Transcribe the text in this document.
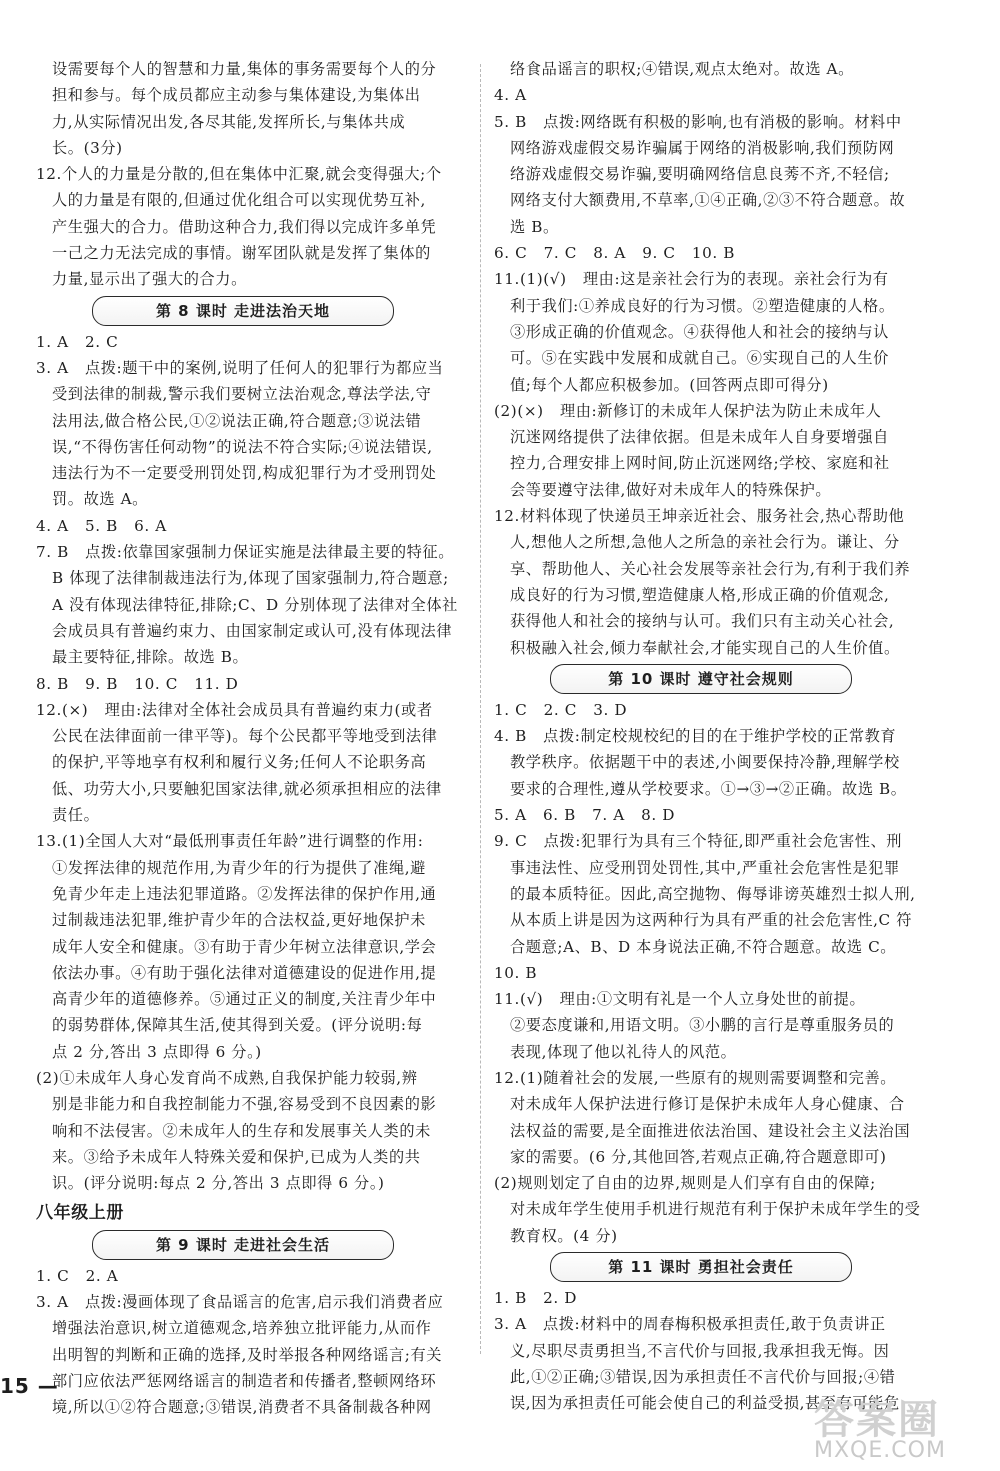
设需要每个人的智慧和力量,集体的事务需要每个人的分
担和参与。每个成员都应主动参与集体建设,为集体出
力,从实际情况出发,各尽其能,发挥所长,与集体共成
长。(3分)
12.个人的力量是分散的,但在集体中汇聚,就会变得强大;个
人的力量是有限的,但通过优化组合可以实现优势互补,
产生强大的合力。借助这种合力,我们得以完成许多单凭
一己之力无法完成的事情。谢军团队就是发挥了集体的
力量,显示出了强大的合力。
第 8 课时 走进法治天地
1. A   2. C
3. A   点拨:题干中的案例,说明了任何人的犯罪行为都应当
受到法律的制裁,警示我们要树立法治观念,尊法学法,守
法用法,做合格公民,①②说法正确,符合题意;③说法错
误,“不得伤害任何动物”的说法不符合实际;④说法错误,
违法行为不一定要受刑罚处罚,构成犯罪行为才受刑罚处
罚。故选 A。
4. A   5. B   6. A
7. B   点拨:依靠国家强制力保证实施是法律最主要的特征。
B 体现了法律制裁违法行为,体现了国家强制力,符合题意;
A 没有体现法律特征,排除;C、D 分别体现了法律对全体社
会成员具有普遍约束力、由国家制定或认可,没有体现法律
最主要特征,排除。故选 B。
8. B   9. B   10. C   11. D
12.(×)   理由:法律对全体社会成员具有普遍约束力(或者
公民在法律面前一律平等)。每个公民都平等地受到法律
的保护,平等地享有权利和履行义务;任何人不论职务高
低、功劳大小,只要触犯国家法律,就必须承担相应的法律
责任。
13.(1)全国人大对“最低刑事责任年龄”进行调整的作用:
①发挥法律的规范作用,为青少年的行为提供了准绳,避
免青少年走上违法犯罪道路。②发挥法律的保护作用,通
过制裁违法犯罪,维护青少年的合法权益,更好地保护未
成年人安全和健康。③有助于青少年树立法律意识,学会
依法办事。④有助于强化法律对道德建设的促进作用,提
高青少年的道德修养。⑤通过正义的制度,关注青少年中
的弱势群体,保障其生活,使其得到关爱。(评分说明:每
点 2 分,答出 3 点即得 6 分。)
(2)①未成年人身心发育尚不成熟,自我保护能力较弱,辨
别是非能力和自我控制能力不强,容易受到不良因素的影
响和不法侵害。②未成年人的生存和发展事关人类的未
来。③给予未成年人特殊关爱和保护,已成为人类的共
识。(评分说明:每点 2 分,答出 3 点即得 6 分。)
八年级上册
第 9 课时 走进社会生活
1. C   2. A
3. A   点拨:漫画体现了食品谣言的危害,启示我们消费者应
增强法治意识,树立道德观念,培养独立批评能力,从而作
出明智的判断和正确的选择,及时举报各种网络谣言;有关
部门应依法严惩网络谣言的制造者和传播者,整顿网络环
境,所以①②符合题意;③错误,消费者不具备制裁各种网
络食品谣言的职权;④错误,观点太绝对。故选 A。
4. A
5. B   点拨:网络既有积极的影响,也有消极的影响。材料中
网络游戏虚假交易诈骗属于网络的消极影响,我们预防网
络游戏虚假交易诈骗,要明确网络信息良莠不齐,不轻信;
网络支付大额费用,不草率,①④正确,②③不符合题意。故
选 B。
6. C   7. C   8. A   9. C   10. B
11.(1)(√)   理由:这是亲社会行为的表现。亲社会行为有
利于我们:①养成良好的行为习惯。②塑造健康的人格。
③形成正确的价值观念。④获得他人和社会的接纳与认
可。⑤在实践中发展和成就自己。⑥实现自己的人生价
值;每个人都应积极参加。(回答两点即可得分)
(2)(×)   理由:新修订的未成年人保护法为防止未成年人
沉迷网络提供了法律依据。但是未成年人自身要增强自
控力,合理安排上网时间,防止沉迷网络;学校、家庭和社
会等要遵守法律,做好对未成年人的特殊保护。
12.材料体现了快递员王坤亲近社会、服务社会,热心帮助他
人,想他人之所想,急他人之所急的亲社会行为。谦让、分
享、帮助他人、关心社会发展等亲社会行为,有利于我们养
成良好的行为习惯,塑造健康人格,形成正确的价值观念,
获得他人和社会的接纳与认可。我们只有主动关心社会,
积极融入社会,倾力奉献社会,才能实现自己的人生价值。
第 10 课时 遵守社会规则
1. C   2. C   3. D
4. B   点拨:制定校规校纪的目的在于维护学校的正常教育
教学秩序。依据题干中的表述,小闽要保持冷静,理解学校
要求的合理性,遵从学校要求。①→③→②正确。故选 B。
5. A   6. B   7. A   8. D
9. C   点拨:犯罪行为具有三个特征,即严重社会危害性、刑
事违法性、应受刑罚处罚性,其中,严重社会危害性是犯罪
的最本质特征。因此,高空抛物、侮辱诽谤英雄烈士拟人刑,
从本质上讲是因为这两种行为具有严重的社会危害性,C 符
合题意;A、B、D 本身说法正确,不符合题意。故选 C。
10. B
11.(√)   理由:①文明有礼是一个人立身处世的前提。
②要态度谦和,用语文明。③小鹏的言行是尊重服务员的
表现,体现了他以礼待人的风范。
12.(1)随着社会的发展,一些原有的规则需要调整和完善。
对未成年人保护法进行修订是保护未成年人身心健康、合
法权益的需要,是全面推进依法治国、建设社会主义法治国
家的需要。(6 分,其他回答,若观点正确,符合题意即可)
(2)规则划定了自由的边界,规则是人们享有自由的保障;
对未成年学生使用手机进行规范有利于保护未成年学生的受
教育权。(4 分)
第 11 课时 勇担社会责任
1. B   2. D
3. A   点拨:材料中的周春梅积极承担责任,敢于负责讲正
义,尽职尽责勇担当,不言代价与回报,我承担我无悔。因
此,①②正确;③错误,因为承担责任不言代价与回报;④错
误,因为承担责任可能会使自己的利益受损,甚至有可能危
15 —
答案圈
MXQE.COM
